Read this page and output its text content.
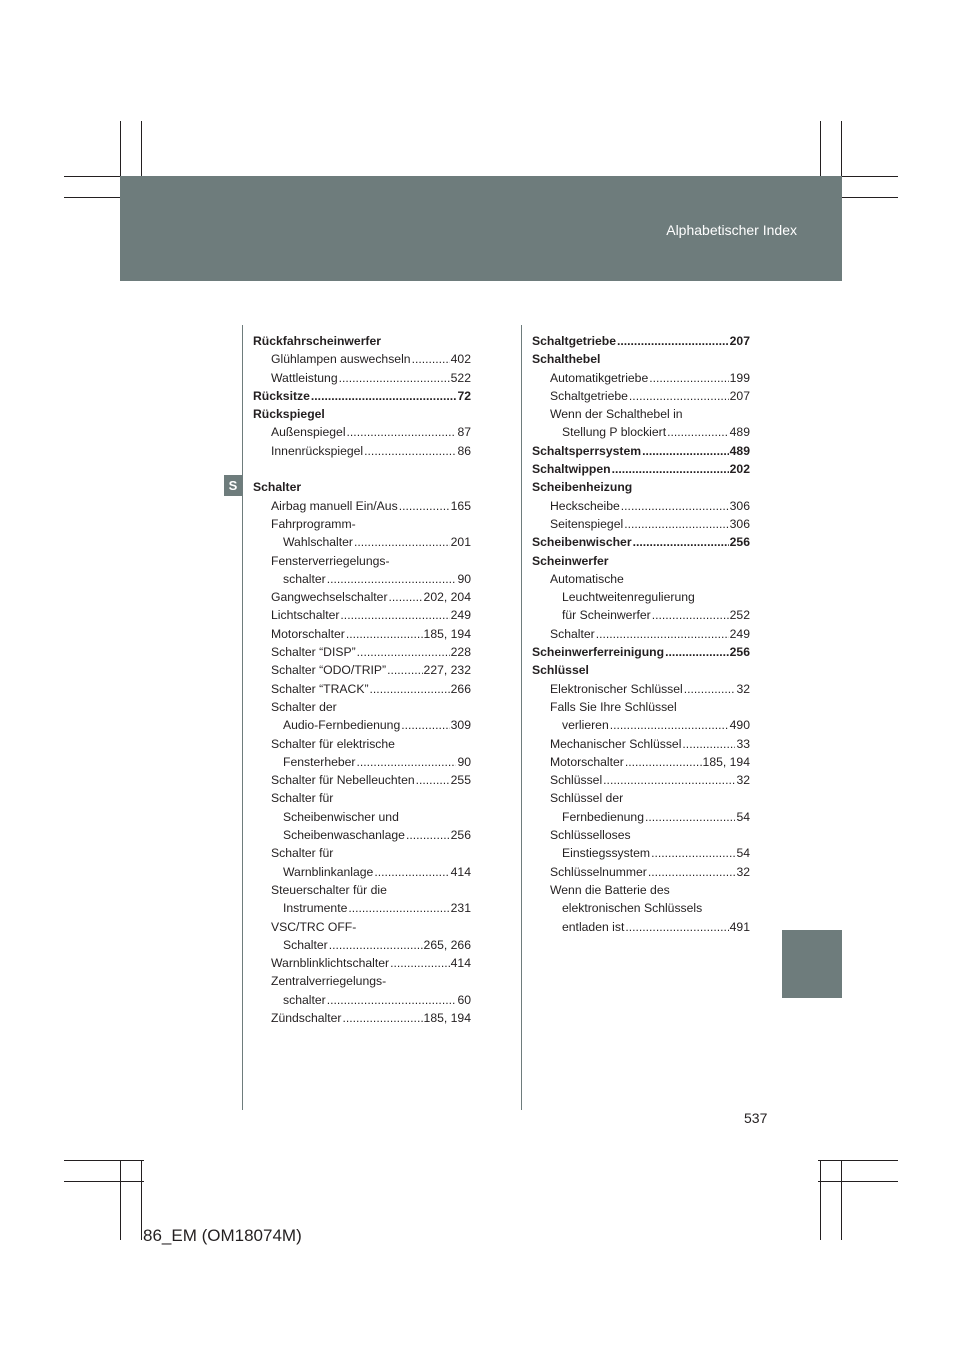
Alphabetischer Index
S
Rückfahrscheinwerfer
Glühlampen auswechseln .....	402
Wattleistung .....	522
Rücksitze .....	72
Rückspiegel
Außenspiegel .....	87
Innenrückspiegel .....	86
Schalter
Airbag manuell Ein/Aus .....	165
Fahrprogramm-
Wahlschalter .....	201
Fensterverriegelungs-
schalter .....	90
Gangwechselschalter .....	202, 204
Lichtschalter .....	249
Motorschalter .....	185, 194
Schalter “DISP” .....	228
Schalter “ODO/TRIP” .....	227, 232
Schalter “TRACK” .....	266
Schalter der
Audio-Fernbedienung .....	309
Schalter für elektrische
Fensterheber .....	90
Schalter für Nebelleuchten .....	255
Schalter für
Scheibenwischer und
Scheibenwaschanlage .....	256
Schalter für
Warnblinkanlage .....	414
Steuerschalter für die
Instrumente .....	231
VSC/TRC OFF-
Schalter .....	265, 266
Warnblinklichtschalter .....	414
Zentralverriegelungs-
schalter .....	60
Zündschalter .....	185, 194
Schaltgetriebe .....	207
Schalthebel
Automatikgetriebe .....	199
Schaltgetriebe .....	207
Wenn der Schalthebel in
Stellung P blockiert .....	489
Schaltsperrsystem .....	489
Schaltwippen .....	202
Scheibenheizung
Heckscheibe .....	306
Seitenspiegel .....	306
Scheibenwischer .....	256
Scheinwerfer
Automatische
Leuchtweitenregulierung
für Scheinwerfer .....	252
Schalter .....	249
Scheinwerferreinigung .....	256
Schlüssel
Elektronischer Schlüssel .....	32
Falls Sie Ihre Schlüssel
verlieren .....	490
Mechanischer Schlüssel .....	33
Motorschalter .....	185, 194
Schlüssel .....	32
Schlüssel der
Fernbedienung .....	54
Schlüsselloses
Einstiegssystem .....	54
Schlüsselnummer .....	32
Wenn die Batterie des
elektronischen Schlüssels
entladen ist .....	491
537
86_EM (OM18074M)
